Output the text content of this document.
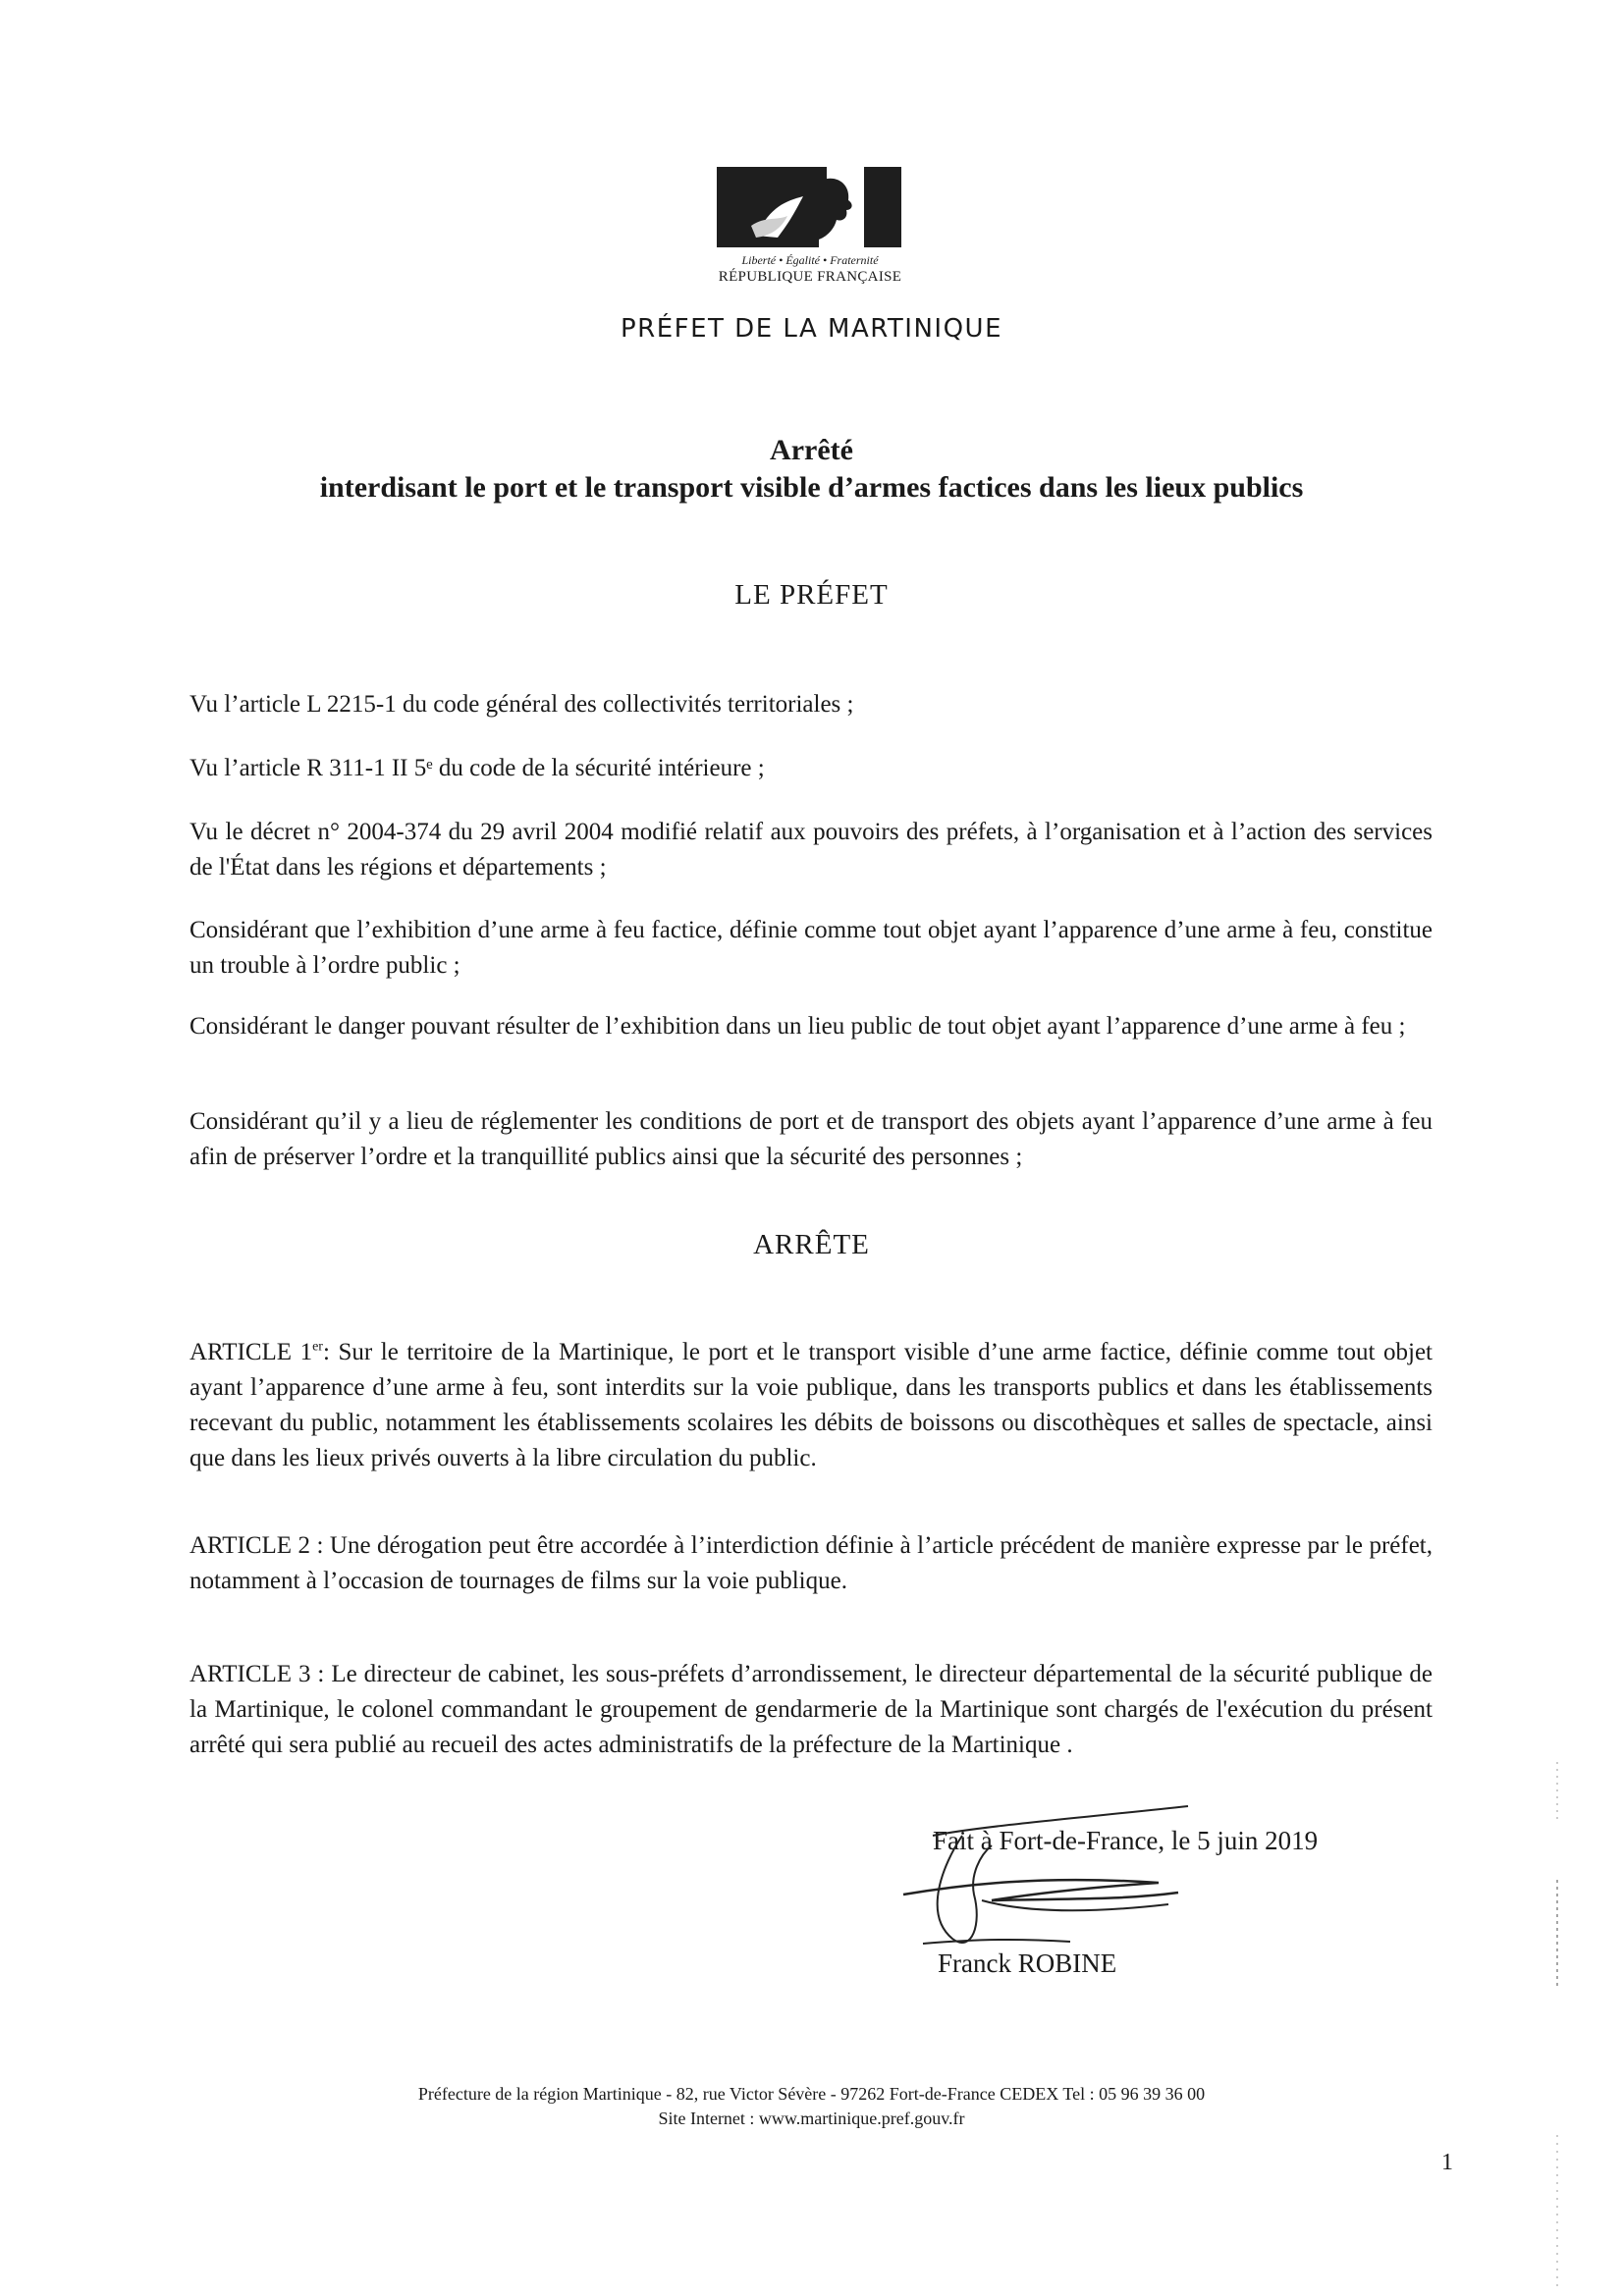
Liberté • Égalité • Fraternité
RÉPUBLIQUE FRANÇAISE
PRÉFET DE LA MARTINIQUE
Arrêté
interdisant le port et le transport visible d’armes factices dans les lieux publics
LE PRÉFET
Vu l’article L 2215-1 du code général des collectivités territoriales ;
Vu l’article R 311-1 II 5ᵉ du code de la sécurité intérieure ;
Vu le décret n° 2004-374 du 29 avril 2004 modifié relatif aux pouvoirs des préfets, à l’organisation et à l’action des services de l'État dans les régions et départements ;
Considérant que l’exhibition d’une arme à feu factice, définie comme tout objet ayant l’apparence d’une arme à feu, constitue un trouble à l’ordre public ;
Considérant le danger pouvant résulter de l’exhibition dans un lieu public de tout objet ayant l’apparence d’une arme à feu ;
Considérant qu’il y a lieu de réglementer les conditions de port et de transport des objets ayant l’apparence d’une arme à feu afin de préserver l’ordre et la tranquillité publics ainsi que la sécurité des personnes ;
ARRÊTE
ARTICLE 1er: Sur le territoire de la Martinique, le port et le transport visible d’une arme factice, définie comme tout objet ayant l’apparence d’une arme à feu, sont interdits sur la voie publique, dans les transports publics et dans les établissements recevant du public, notamment les établissements scolaires les débits de boissons ou discothèques et salles de spectacle, ainsi que dans les lieux privés ouverts à la libre circulation du public.
ARTICLE 2 : Une dérogation peut être accordée à l’interdiction définie à l’article précédent de manière expresse par le préfet, notamment à l’occasion de tournages de films sur la voie publique.
ARTICLE 3 : Le directeur de cabinet, les sous-préfets d’arrondissement, le directeur départemental de la sécurité publique de la Martinique, le colonel commandant le groupement de gendarmerie de la Martinique sont chargés de l'exécution du présent arrêté qui sera publié au recueil des actes administratifs de la préfecture de la Martinique .
Fait à Fort-de-France, le 5 juin 2019
Franck ROBINE
Préfecture de la région Martinique - 82, rue Victor Sévère - 97262 Fort-de-France CEDEX Tel : 05 96 39 36 00
Site Internet : www.martinique.pref.gouv.fr
1
